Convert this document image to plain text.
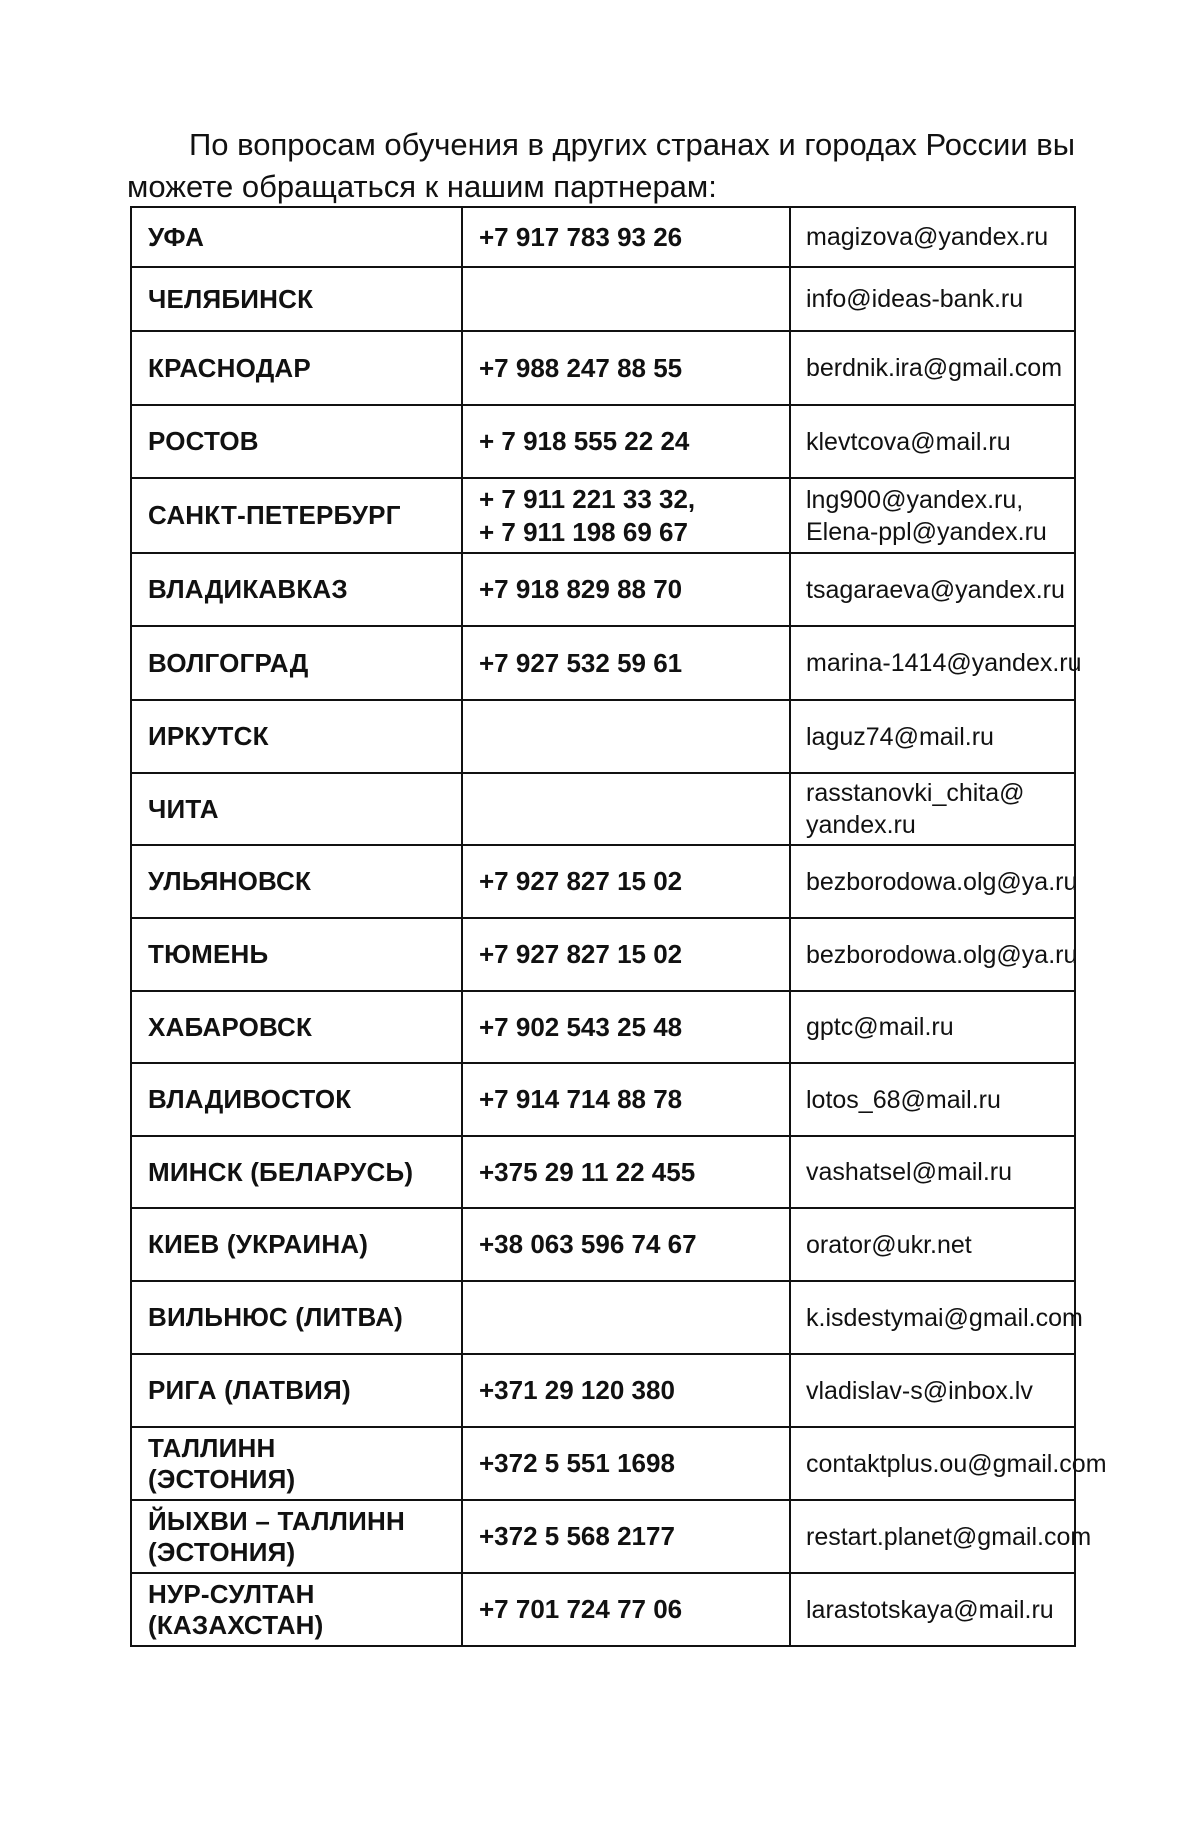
По вопросам обучения в других странах и городах России вы
можете обращаться к нашим партнерам:

УФА	+7 917 783 93 26	magizova@yandex.ru

ЧЕЛЯБИНСК		info@ideas-bank.ru

КРАСНОДАР	+7 988 247 88 55	berdnik.ira@gmail.com

РОСТОВ	+ 7 918 555 22 24	klevtcova@mail.ru

САНКТ-ПЕТЕРБУРГ	+ 7 911 221 33 32,
+ 7 911 198 69 67	lng900@yandex.ru,
Elena-ppl@yandex.ru

ВЛАДИКАВКАЗ	+7 918 829 88 70	tsagaraeva@yandex.ru

ВОЛГОГРАД	+7 927 532 59 61	marina-1414@yandex.ru

ИРКУТСК		laguz74@mail.ru

ЧИТА		rasstanovki_chita@
yandex.ru

УЛЬЯНОВСК	+7 927 827 15 02	bezborodowa.olg@ya.ru

ТЮМЕНЬ	+7 927 827 15 02	bezborodowa.olg@ya.ru

ХАБАРОВСК	+7 902 543 25 48	gptc@mail.ru

ВЛАДИВОСТОК	+7 914 714 88 78	lotos_68@mail.ru

МИНСК (БЕЛАРУСЬ)	+375 29 11 22 455	vashatsel@mail.ru

КИЕВ (УКРАИНА)	+38 063 596 74 67	orator@ukr.net

ВИЛЬНЮС (ЛИТВА)		k.isdestymai@gmail.com

РИГА (ЛАТВИЯ)	+371 29 120 380	vladislav-s@inbox.lv

ТАЛЛИНН
(ЭСТОНИЯ)	+372 5 551 1698	contaktplus.ou@gmail.com

ЙЫХВИ – ТАЛЛИНН
(ЭСТОНИЯ)	+372 5 568 2177	restart.planet@gmail.com

НУР-СУЛТАН
(КАЗАХСТАН)	+7 701 724 77 06	larastotskaya@mail.ru
